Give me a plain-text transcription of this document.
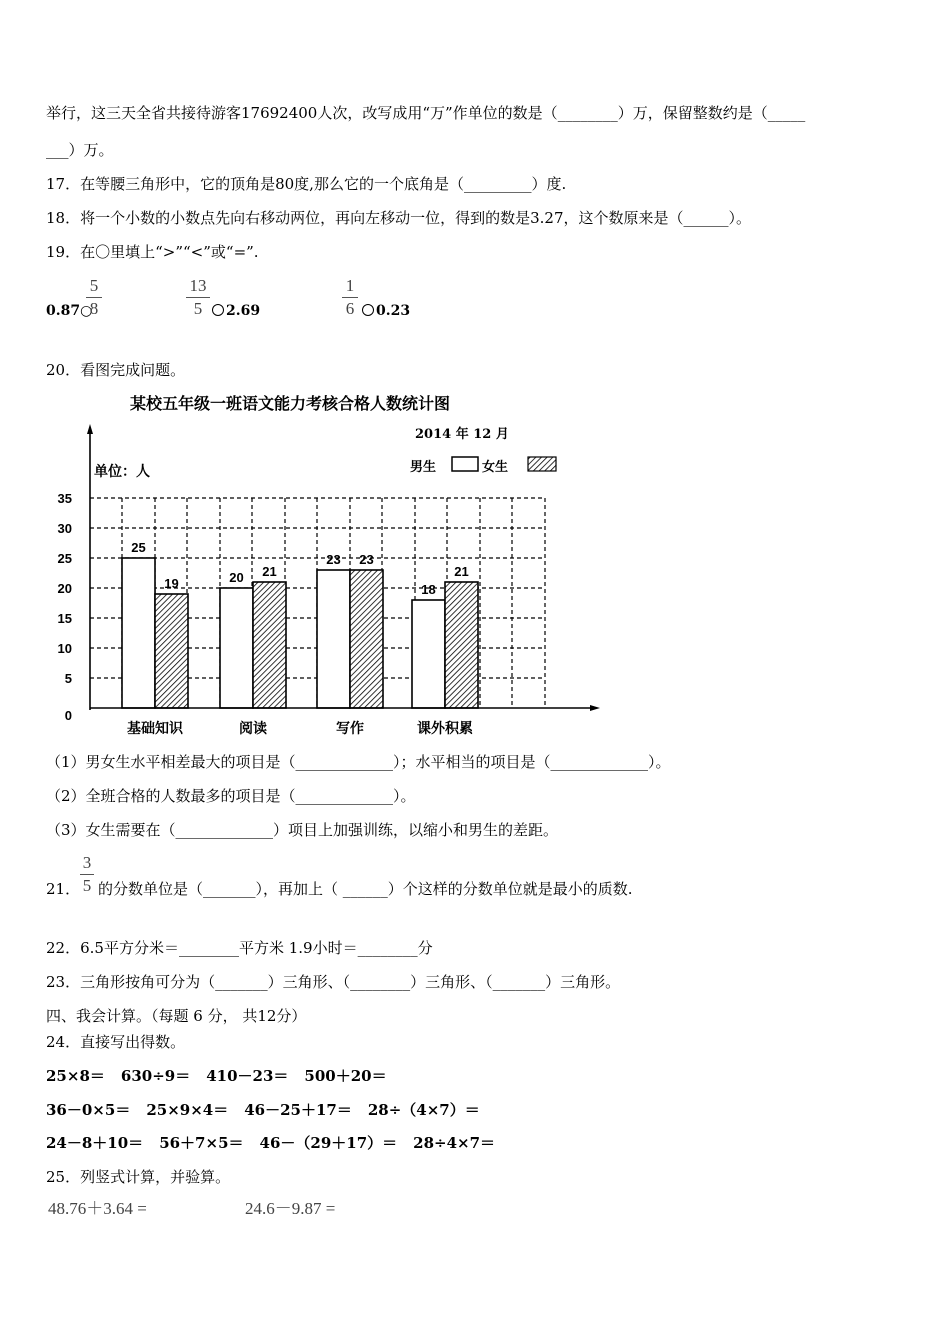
举行，这三天全省共接待游客17692400人次，改写成用“万”作单位的数是（________）万，保留整数约是（_____
___）万。
17．在等腰三角形中，它的顶角是80度,那么它的一个底角是（_________）度.
18．将一个小数的小数点先向右移动两位，再向左移动一位，得到的数是3.27，这个数原来是（______）。
19．在〇里填上“>”“<”或“=”.
0.87○
5
8
13
5	2.69
1
6	0.23
20．看图完成问题。
某校五年级一班语文能力考核合格人数统计图
2014 年 12 月
单位：人	男生	女生
0
5
10
15
20
25
30
35
25
19
基础知识
20 21
阅读
23 23
写作
18
21
课外积累
（1）男女生水平相差最大的项目是（_____________）；水平相当的项目是（_____________）。
（2）全班合格的人数最多的项目是（_____________）。
（3）女生需要在（_____________）项目上加强训练，以缩小和男生的差距。
21．
3
5 的分数单位是（_______），再加上（ ______）个这样的分数单位就是最小的质数.
22．6.5平方分米＝________平方米 1.9小时＝________分
23．三角形按角可分为（_______）三角形、（________）三角形、（_______）三角形。
四、我会计算。（每题 6 分， 共12分）
24．直接写出得数。
25×8＝ 630÷9＝ 410－23＝ 500＋20＝
36－0×5＝ 25×9×4＝ 46－25＋17＝ 28÷（4×7）＝
24－8＋10＝ 56＋7×5＝ 46－（29＋17）＝ 28÷4×7＝
25．列竖式计算，并验算。
48.76＋3.64 =	24.6－9.87 =
